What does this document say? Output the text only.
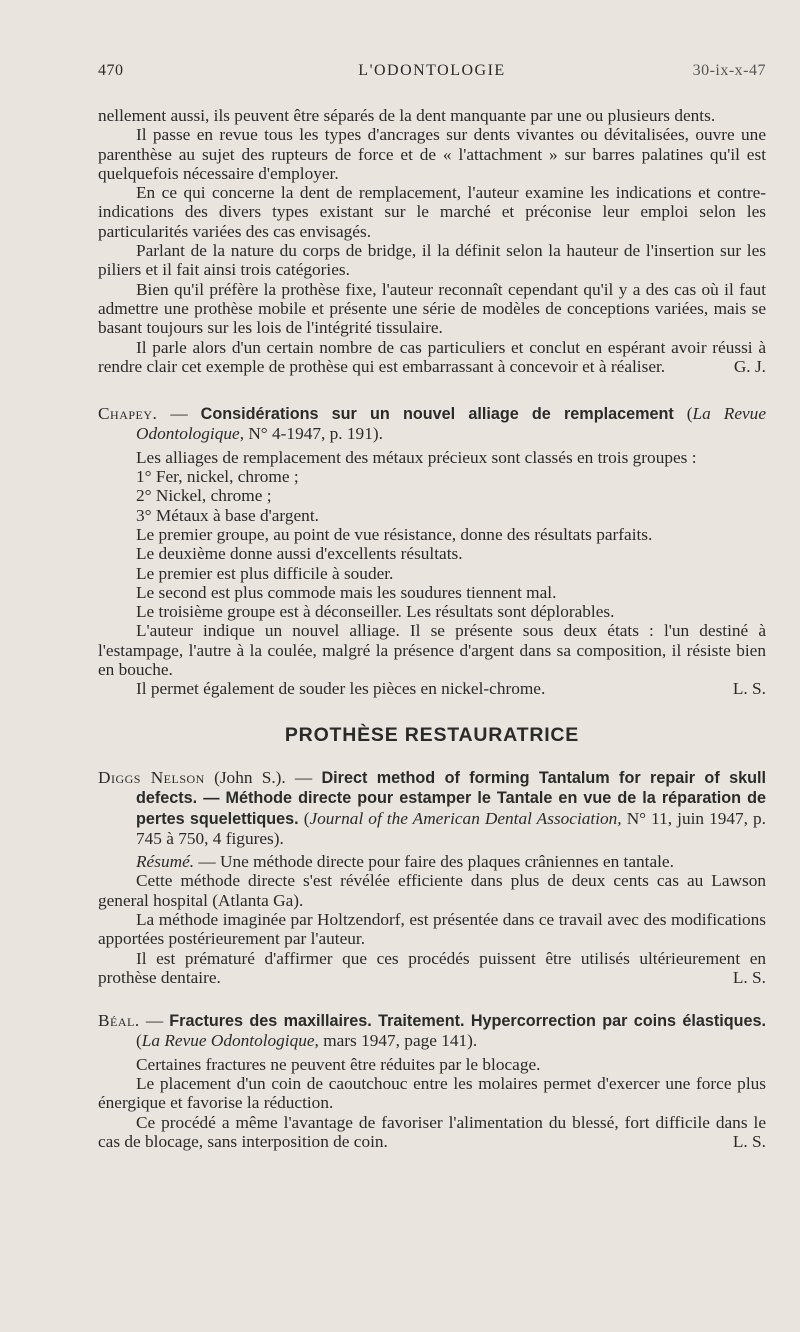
470	L'ODONTOLOGIE	30-ix-x-47

nellement aussi, ils peuvent être séparés de la dent manquante par une ou plusieurs dents.

Il passe en revue tous les types d'ancrages sur dents vivantes ou dévitalisées, ouvre une parenthèse au sujet des rupteurs de force et de « l'attachment » sur barres palatines qu'il est quelquefois nécessaire d'employer.

En ce qui concerne la dent de remplacement, l'auteur examine les indications et contre-indications des divers types existant sur le marché et préconise leur emploi selon les particularités variées des cas envisagés.

Parlant de la nature du corps de bridge, il la définit selon la hauteur de l'insertion sur les piliers et il fait ainsi trois catégories.

Bien qu'il préfère la prothèse fixe, l'auteur reconnaît cependant qu'il y a des cas où il faut admettre une prothèse mobile et présente une série de modèles de conceptions variées, mais se basant toujours sur les lois de l'intégrité tissulaire.

Il parle alors d'un certain nombre de cas particuliers et conclut en espérant avoir réussi à rendre clair cet exemple de prothèse qui est embarrassant à concevoir et à réaliser.	G. J.

Chapey. — Considérations sur un nouvel alliage de remplacement (La Revue Odontologique, N° 4-1947, p. 191).

Les alliages de remplacement des métaux précieux sont classés en trois groupes :

1° Fer, nickel, chrome ;

2° Nickel, chrome ;

3° Métaux à base d'argent.

Le premier groupe, au point de vue résistance, donne des résultats parfaits.

Le deuxième donne aussi d'excellents résultats.

Le premier est plus difficile à souder.

Le second est plus commode mais les soudures tiennent mal.

Le troisième groupe est à déconseiller. Les résultats sont déplorables.

L'auteur indique un nouvel alliage. Il se présente sous deux états : l'un destiné à l'estampage, l'autre à la coulée, malgré la présence d'argent dans sa composition, il résiste bien en bouche.

Il permet également de souder les pièces en nickel-chrome.	L. S.

PROTHÈSE RESTAURATRICE

Diggs Nelson (John S.). — Direct method of forming Tantalum for repair of skull defects. — Méthode directe pour estamper le Tantale en vue de la réparation de pertes squelettiques. (Journal of the American Dental Association, N° 11, juin 1947, p. 745 à 750, 4 figures).

Résumé. — Une méthode directe pour faire des plaques crâniennes en tantale.

Cette méthode directe s'est révélée efficiente dans plus de deux cents cas au Lawson general hospital (Atlanta Ga).

La méthode imaginée par Holtzendorf, est présentée dans ce travail avec des modifications apportées postérieurement par l'auteur.

Il est prématuré d'affirmer que ces procédés puissent être utilisés ultérieurement en prothèse dentaire.	L. S.

Béal. — Fractures des maxillaires. Traitement. Hypercorrection par coins élastiques. (La Revue Odontologique, mars 1947, page 141).

Certaines fractures ne peuvent être réduites par le blocage.

Le placement d'un coin de caoutchouc entre les molaires permet d'exercer une force plus énergique et favorise la réduction.

Ce procédé a même l'avantage de favoriser l'alimentation du blessé, fort difficile dans le cas de blocage, sans interposition de coin.	L. S.
